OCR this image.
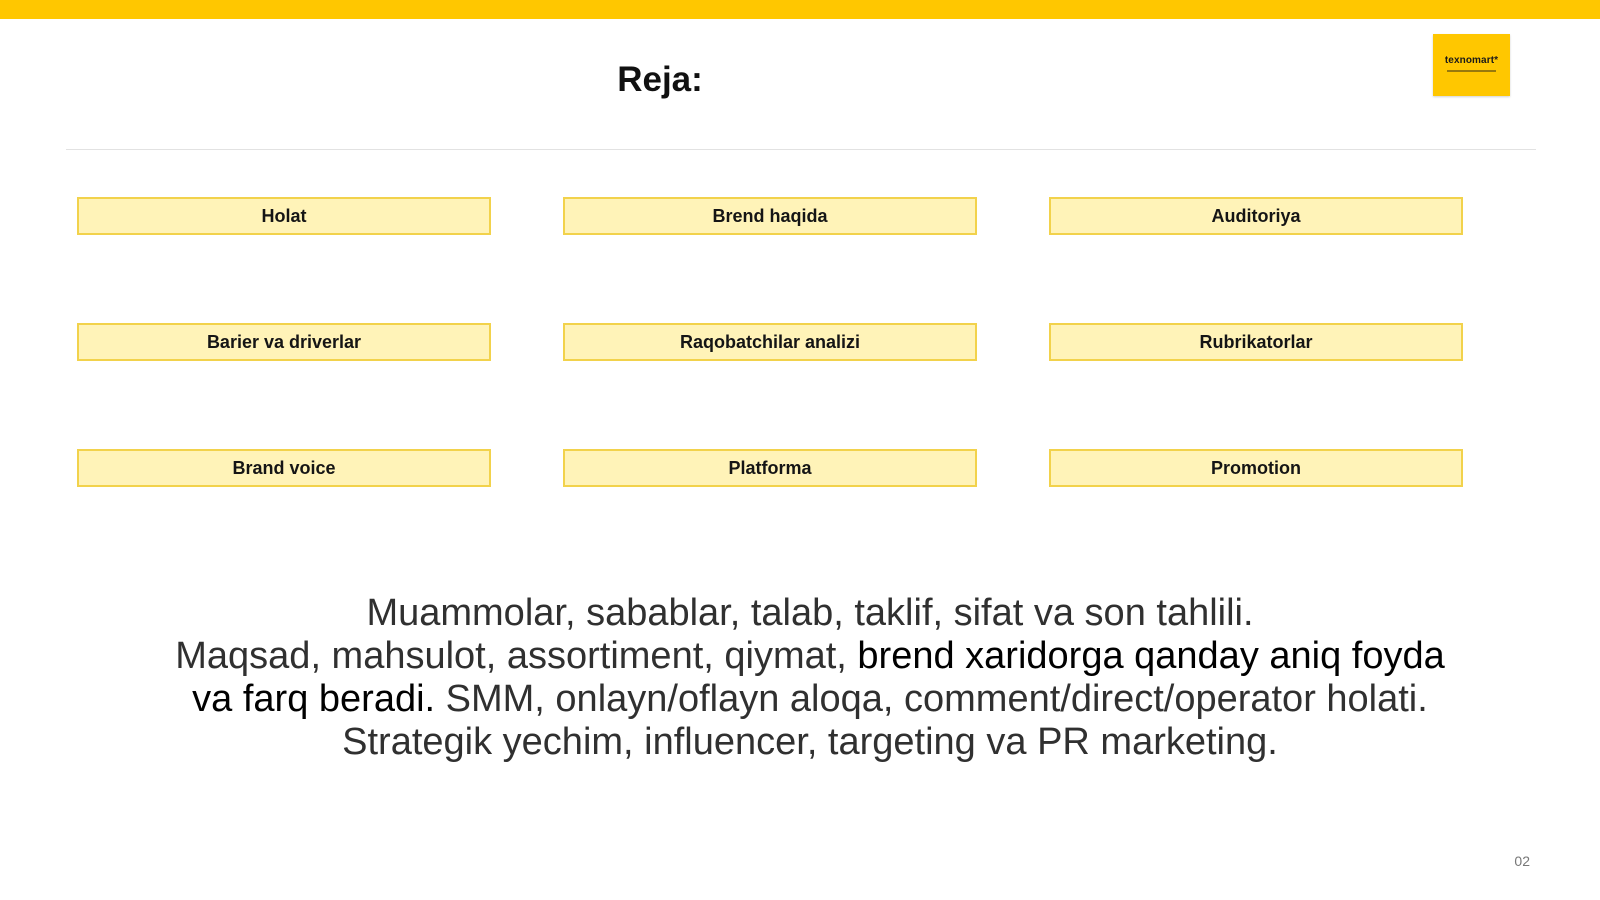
Reja:	texnomart*
Holat	Brend haqida	Auditoriya
Barier va driverlar	Raqobatchilar analizi	Rubrikatorlar
Brand voice	Platforma	Promotion
Muammolar, sabablar, talab, taklif, sifat va son tahlili.
Maqsad, mahsulot, assortiment, qiymat, brend xaridorga qanday aniq foyda
va farq beradi. SMM, onlayn/oflayn aloqa, comment/direct/operator holati.
Strategik yechim, influencer, targeting va PR marketing.
02
